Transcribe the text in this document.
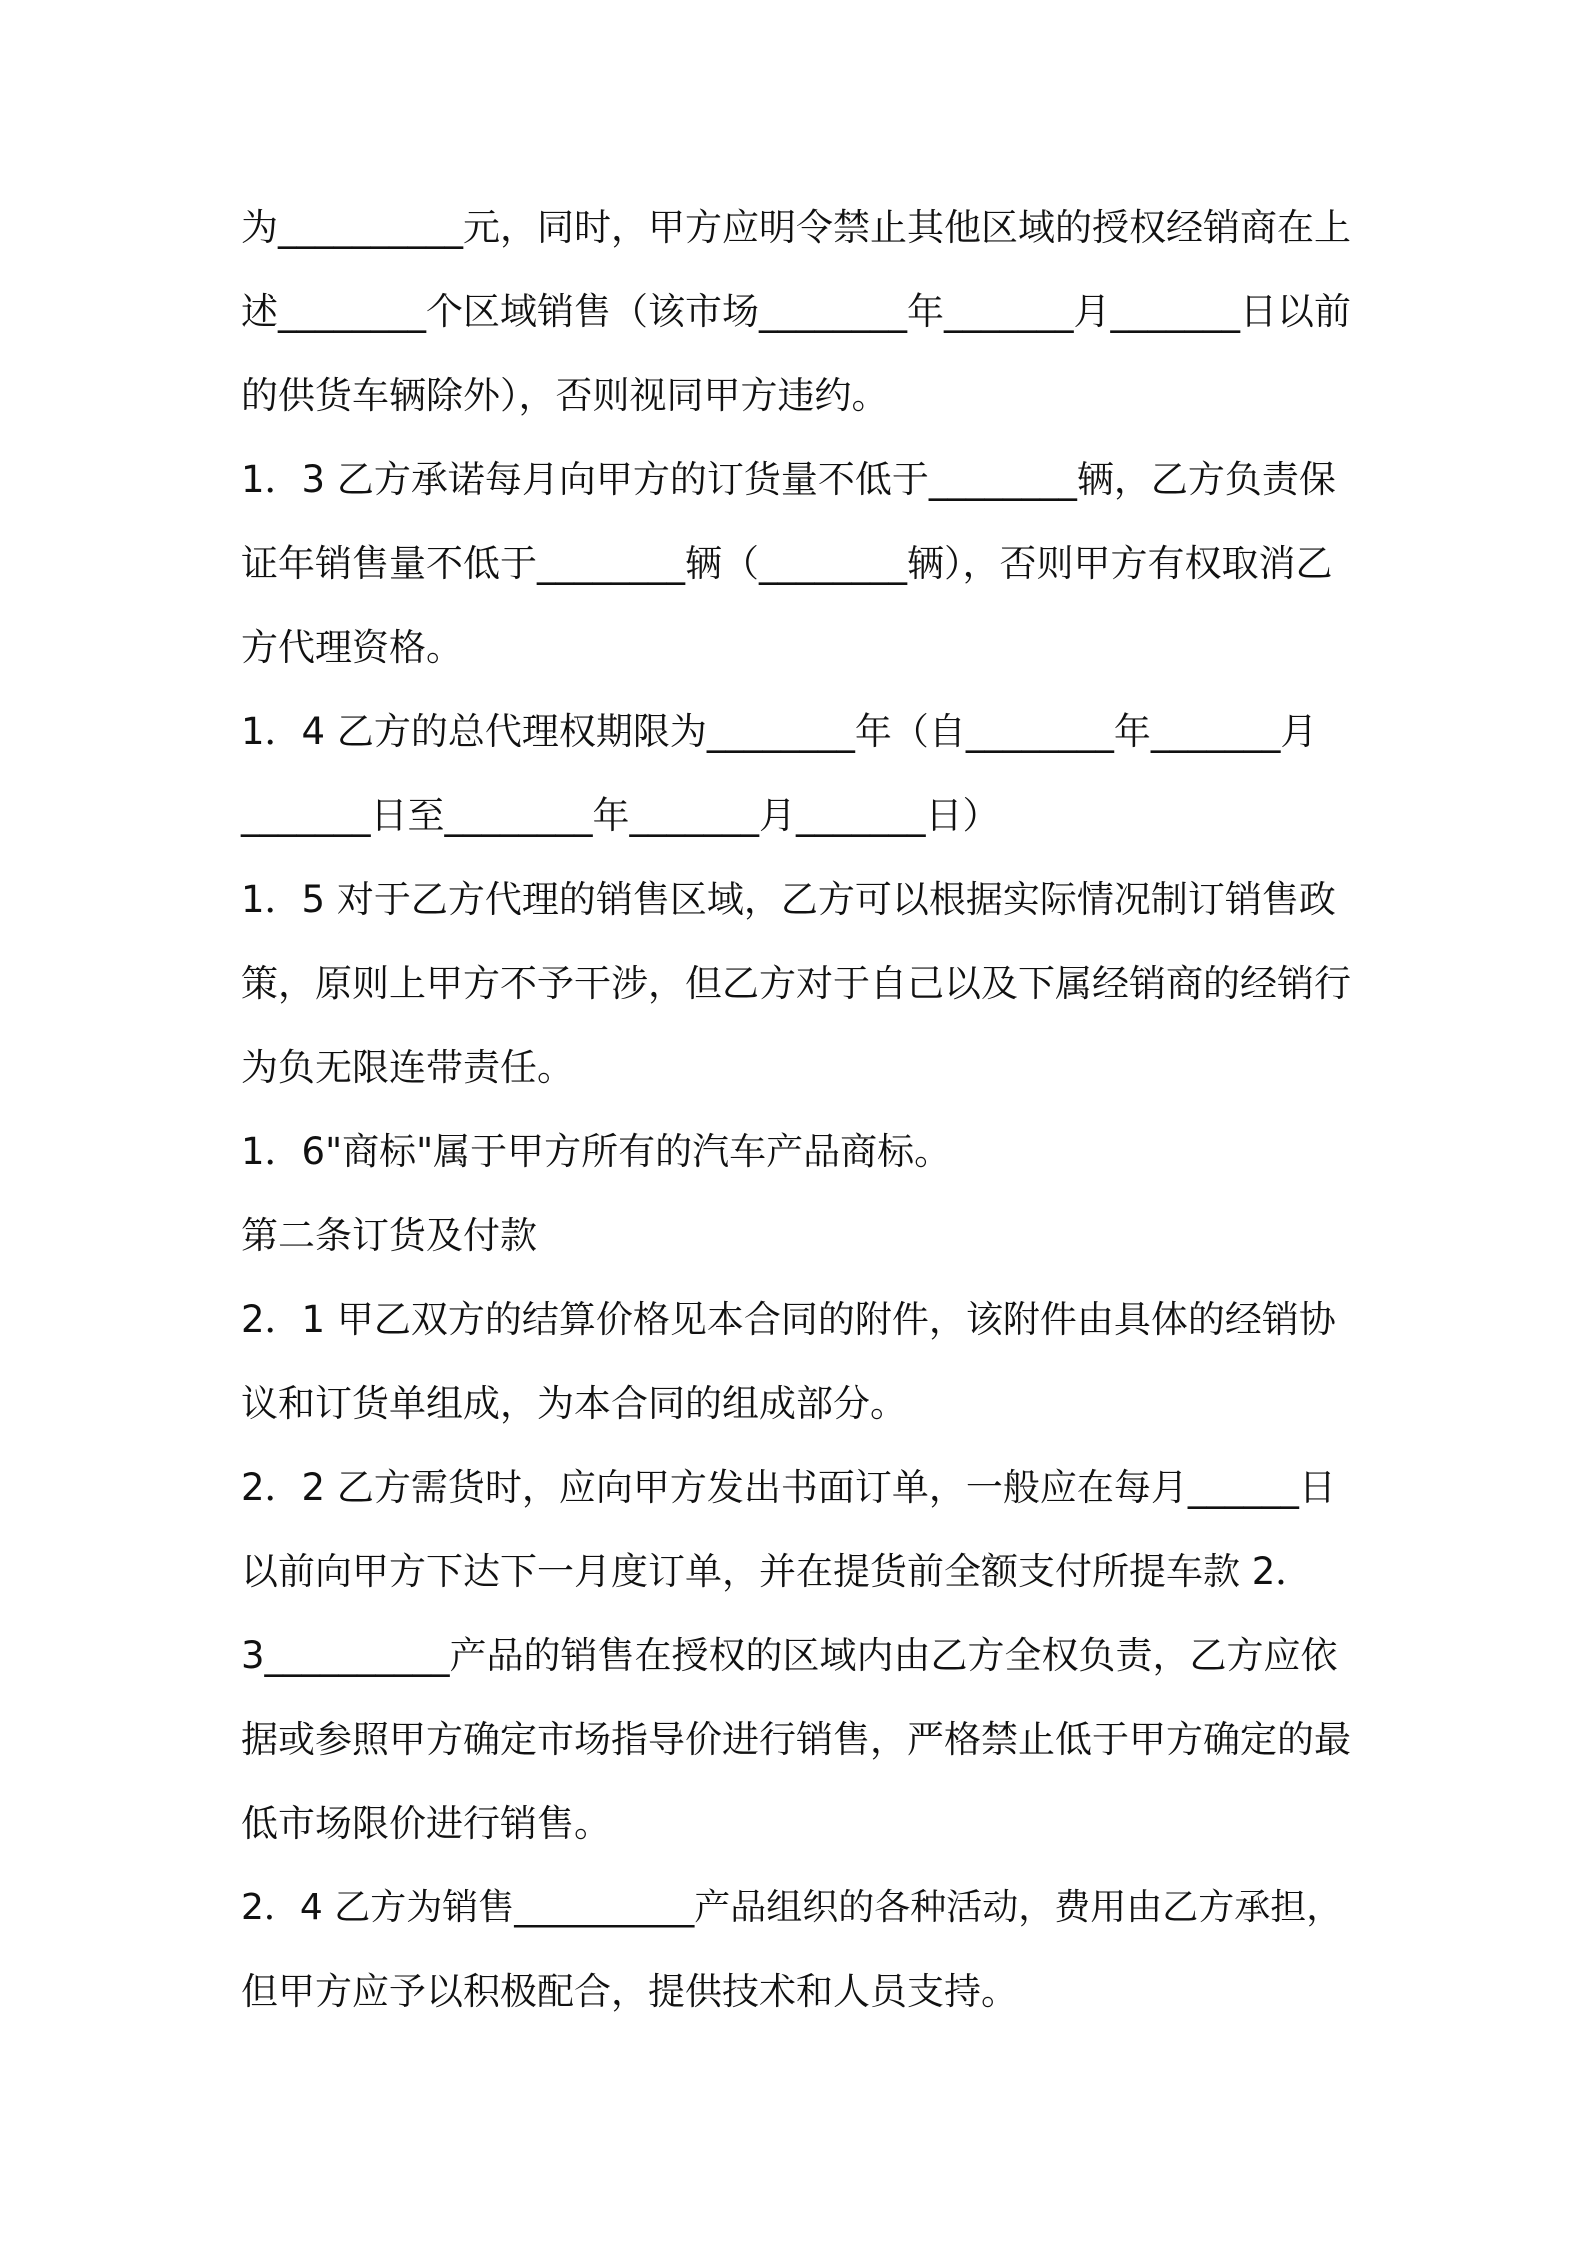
为__________元，同时，甲方应明令禁止其他区域的授权经销商在上
述________个区域销售（该市场________年_______月_______日以前
的供货车辆除外），否则视同甲方违约。
1．3 乙方承诺每月向甲方的订货量不低于________辆，乙方负责保
证年销售量不低于________辆（________辆），否则甲方有权取消乙
方代理资格。
1．4 乙方的总代理权期限为________年（自________年_______月
_______日至________年_______月_______日）
1．5 对于乙方代理的销售区域，乙方可以根据实际情况制订销售政
策，原则上甲方不予干涉，但乙方对于自己以及下属经销商的经销行
为负无限连带责任。
1．6"商标"属于甲方所有的汽车产品商标。
第二条订货及付款
2．1 甲乙双方的结算价格见本合同的附件，该附件由具体的经销协
议和订货单组成，为本合同的组成部分。
2．2 乙方需货时，应向甲方发出书面订单，一般应在每月______日
以前向甲方下达下一月度订单，并在提货前全额支付所提车款 2．
3__________产品的销售在授权的区域内由乙方全权负责，乙方应依
据或参照甲方确定市场指导价进行销售，严格禁止低于甲方确定的最
低市场限价进行销售。
2．4 乙方为销售__________产品组织的各种活动，费用由乙方承担，
但甲方应予以积极配合，提供技术和人员支持。
